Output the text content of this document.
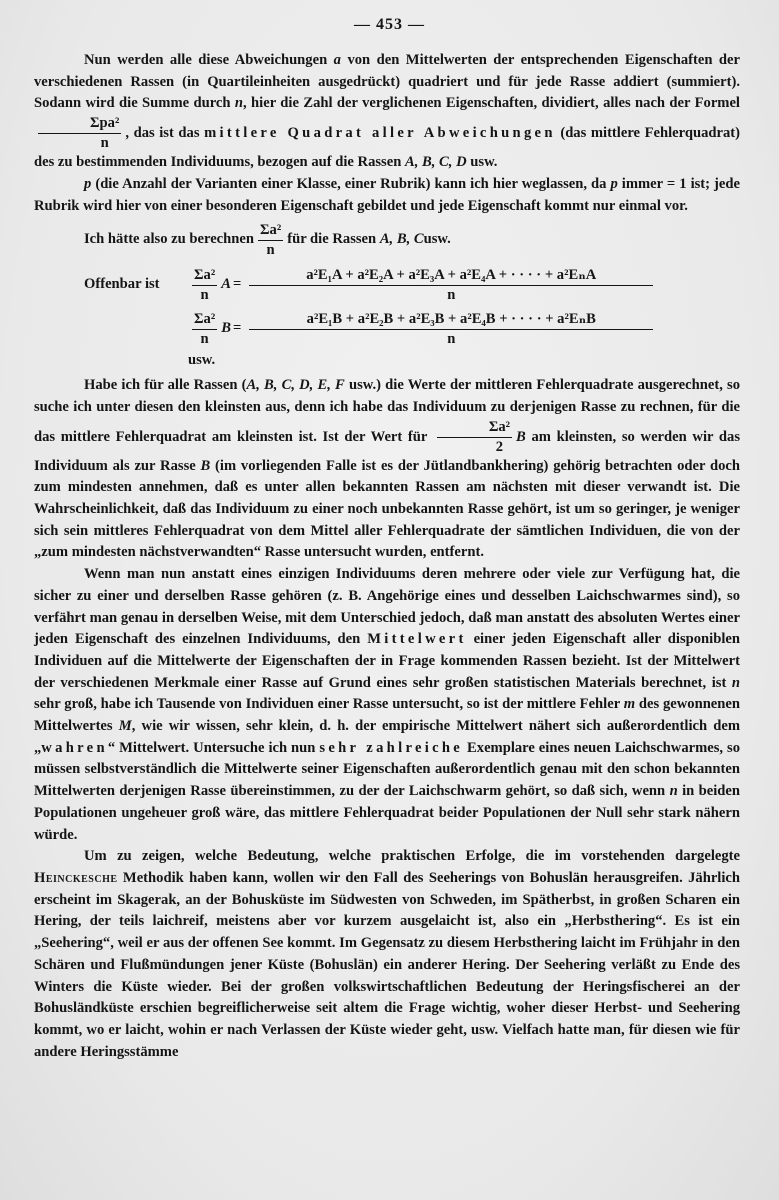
— 453 —

Nun werden alle diese Abweichungen a von den Mittelwerten der entsprechenden Eigenschaften der verschiedenen Rassen (in Quartileinheiten ausgedrückt) quadriert und für jede Rasse addiert (summiert). Sodann wird die Summe durch n, hier die Zahl der verglichenen Eigenschaften, dividiert, alles nach der Formel
$\frac{\text{Σpa²}}{n}$ , das ist das mittlere Quadrat aller Abweichungen (das mittlere Fehlerquadrat) des zu bestimmenden Individuums, bezogen auf die Rassen A, B, C, D usw.

p (die Anzahl der Varianten einer Klasse, einer Rubrik) kann ich hier weglassen, da p immer = 1 ist; jede Rubrik wird hier von einer besonderen Eigenschaft gebildet und jede Eigenschaft kommt nur einmal vor.

Ich hätte also zu berechnen $\frac{\text{Σa²}}{n}$ für die Rassen
A, B, C usw.
Offenbar ist	$\frac{\text{Σa²}}{n}$ $A = \frac{\text{a²E₁A + a²E₂A + a²E₃A + a²E₄A + · · · · + a²EₙA}}{n}$
$\frac{\text{Σa²}}{n}$ $B = \frac{\text{a²E₁B + a²E₂B + a²E₃B + a²E₄B + · · · · + a²EₙB}}{n}$
usw.

Habe ich für alle Rassen (A, B, C, D, E, F usw.) die Werte der mittleren Fehlerquadrate ausgerechnet, so suche ich unter diesen den kleinsten aus, denn ich habe das Individuum zu derjenigen Rasse zu rechnen, für die das mittlere Fehlerquadrat am kleinsten ist. Ist der Wert für $\frac{\text{Σa²}}{2}$ B am kleinsten, so werden wir das Individuum als zur Rasse B (im vorliegenden Falle ist es der Jütlandbankhering) gehörig betrachten oder doch zum mindesten annehmen, daß es unter allen bekannten Rassen am nächsten mit dieser verwandt ist. Die Wahrscheinlichkeit, daß das Individuum zu einer noch unbekannten Rasse gehört, ist um so geringer, je weniger sich sein mittleres Fehlerquadrat von dem Mittel aller Fehlerquadrate der sämtlichen Individuen, die von der „zum mindesten nächstverwandten“ Rasse untersucht wurden, entfernt.

Wenn man nun anstatt eines einzigen Individuums deren mehrere oder viele zur Verfügung hat, die sicher zu einer und derselben Rasse gehören (z. B. Angehörige eines und desselben Laichschwarmes sind), so verfährt man genau in derselben Weise, mit dem Unterschied jedoch, daß man anstatt des absoluten Wertes einer jeden Eigenschaft des einzelnen Individuums, den Mittelwert einer jeden Eigenschaft aller disponiblen Individuen auf die Mittelwerte der Eigenschaften der in Frage kommenden Rassen bezieht. Ist der Mittelwert der verschiedenen Merkmale einer Rasse auf Grund eines sehr großen statistischen Materials berechnet, ist n sehr groß, habe ich Tausende von Individuen einer Rasse untersucht, so ist der mittlere Fehler m des gewonnenen Mittelwertes M, wie wir wissen, sehr klein, d. h. der empirische Mittelwert nähert sich außerordentlich dem „wahren“ Mittelwert. Untersuche ich nun sehr zahlreiche Exemplare eines neuen Laichschwarmes, so müssen selbstverständlich die Mittelwerte seiner Eigenschaften außerordentlich genau mit den schon bekannten Mittelwerten derjenigen Rasse übereinstimmen, zu der der Laichschwarm gehört, so daß sich, wenn n in beiden Populationen ungeheuer groß wäre, das mittlere Fehlerquadrat beider Populationen der Null sehr stark nähern würde.

Um zu zeigen, welche Bedeutung, welche praktischen Erfolge, die im vorstehenden dargelegte Heinckesche Methodik haben kann, wollen wir den Fall des Seeherings von Bohuslän herausgreifen. Jährlich erscheint im Skagerak, an der Bohusküste im Südwesten von Schweden, im Spätherbst, in großen Scharen ein Hering, der teils laichreif, meistens aber vor kurzem ausgelaicht ist, also ein „Herbsthering“. Es ist ein „Seehering“, weil er aus der offenen See kommt. Im Gegensatz zu diesem Herbsthering laicht im Frühjahr in den Schären und Flußmündungen jener Küste (Bohuslän) ein anderer Hering. Der Seehering verläßt zu Ende des Winters die Küste wieder. Bei der großen volkswirtschaftlichen Bedeutung der Heringsfischerei an der Bohusländküste erschien begreiflicherweise seit altem die Frage wichtig, woher dieser Herbst- und Seehering kommt, wo er laicht, wohin er nach Verlassen der Küste wieder geht, usw. Vielfach hatte man, für diesen wie für andere Heringsstämme
